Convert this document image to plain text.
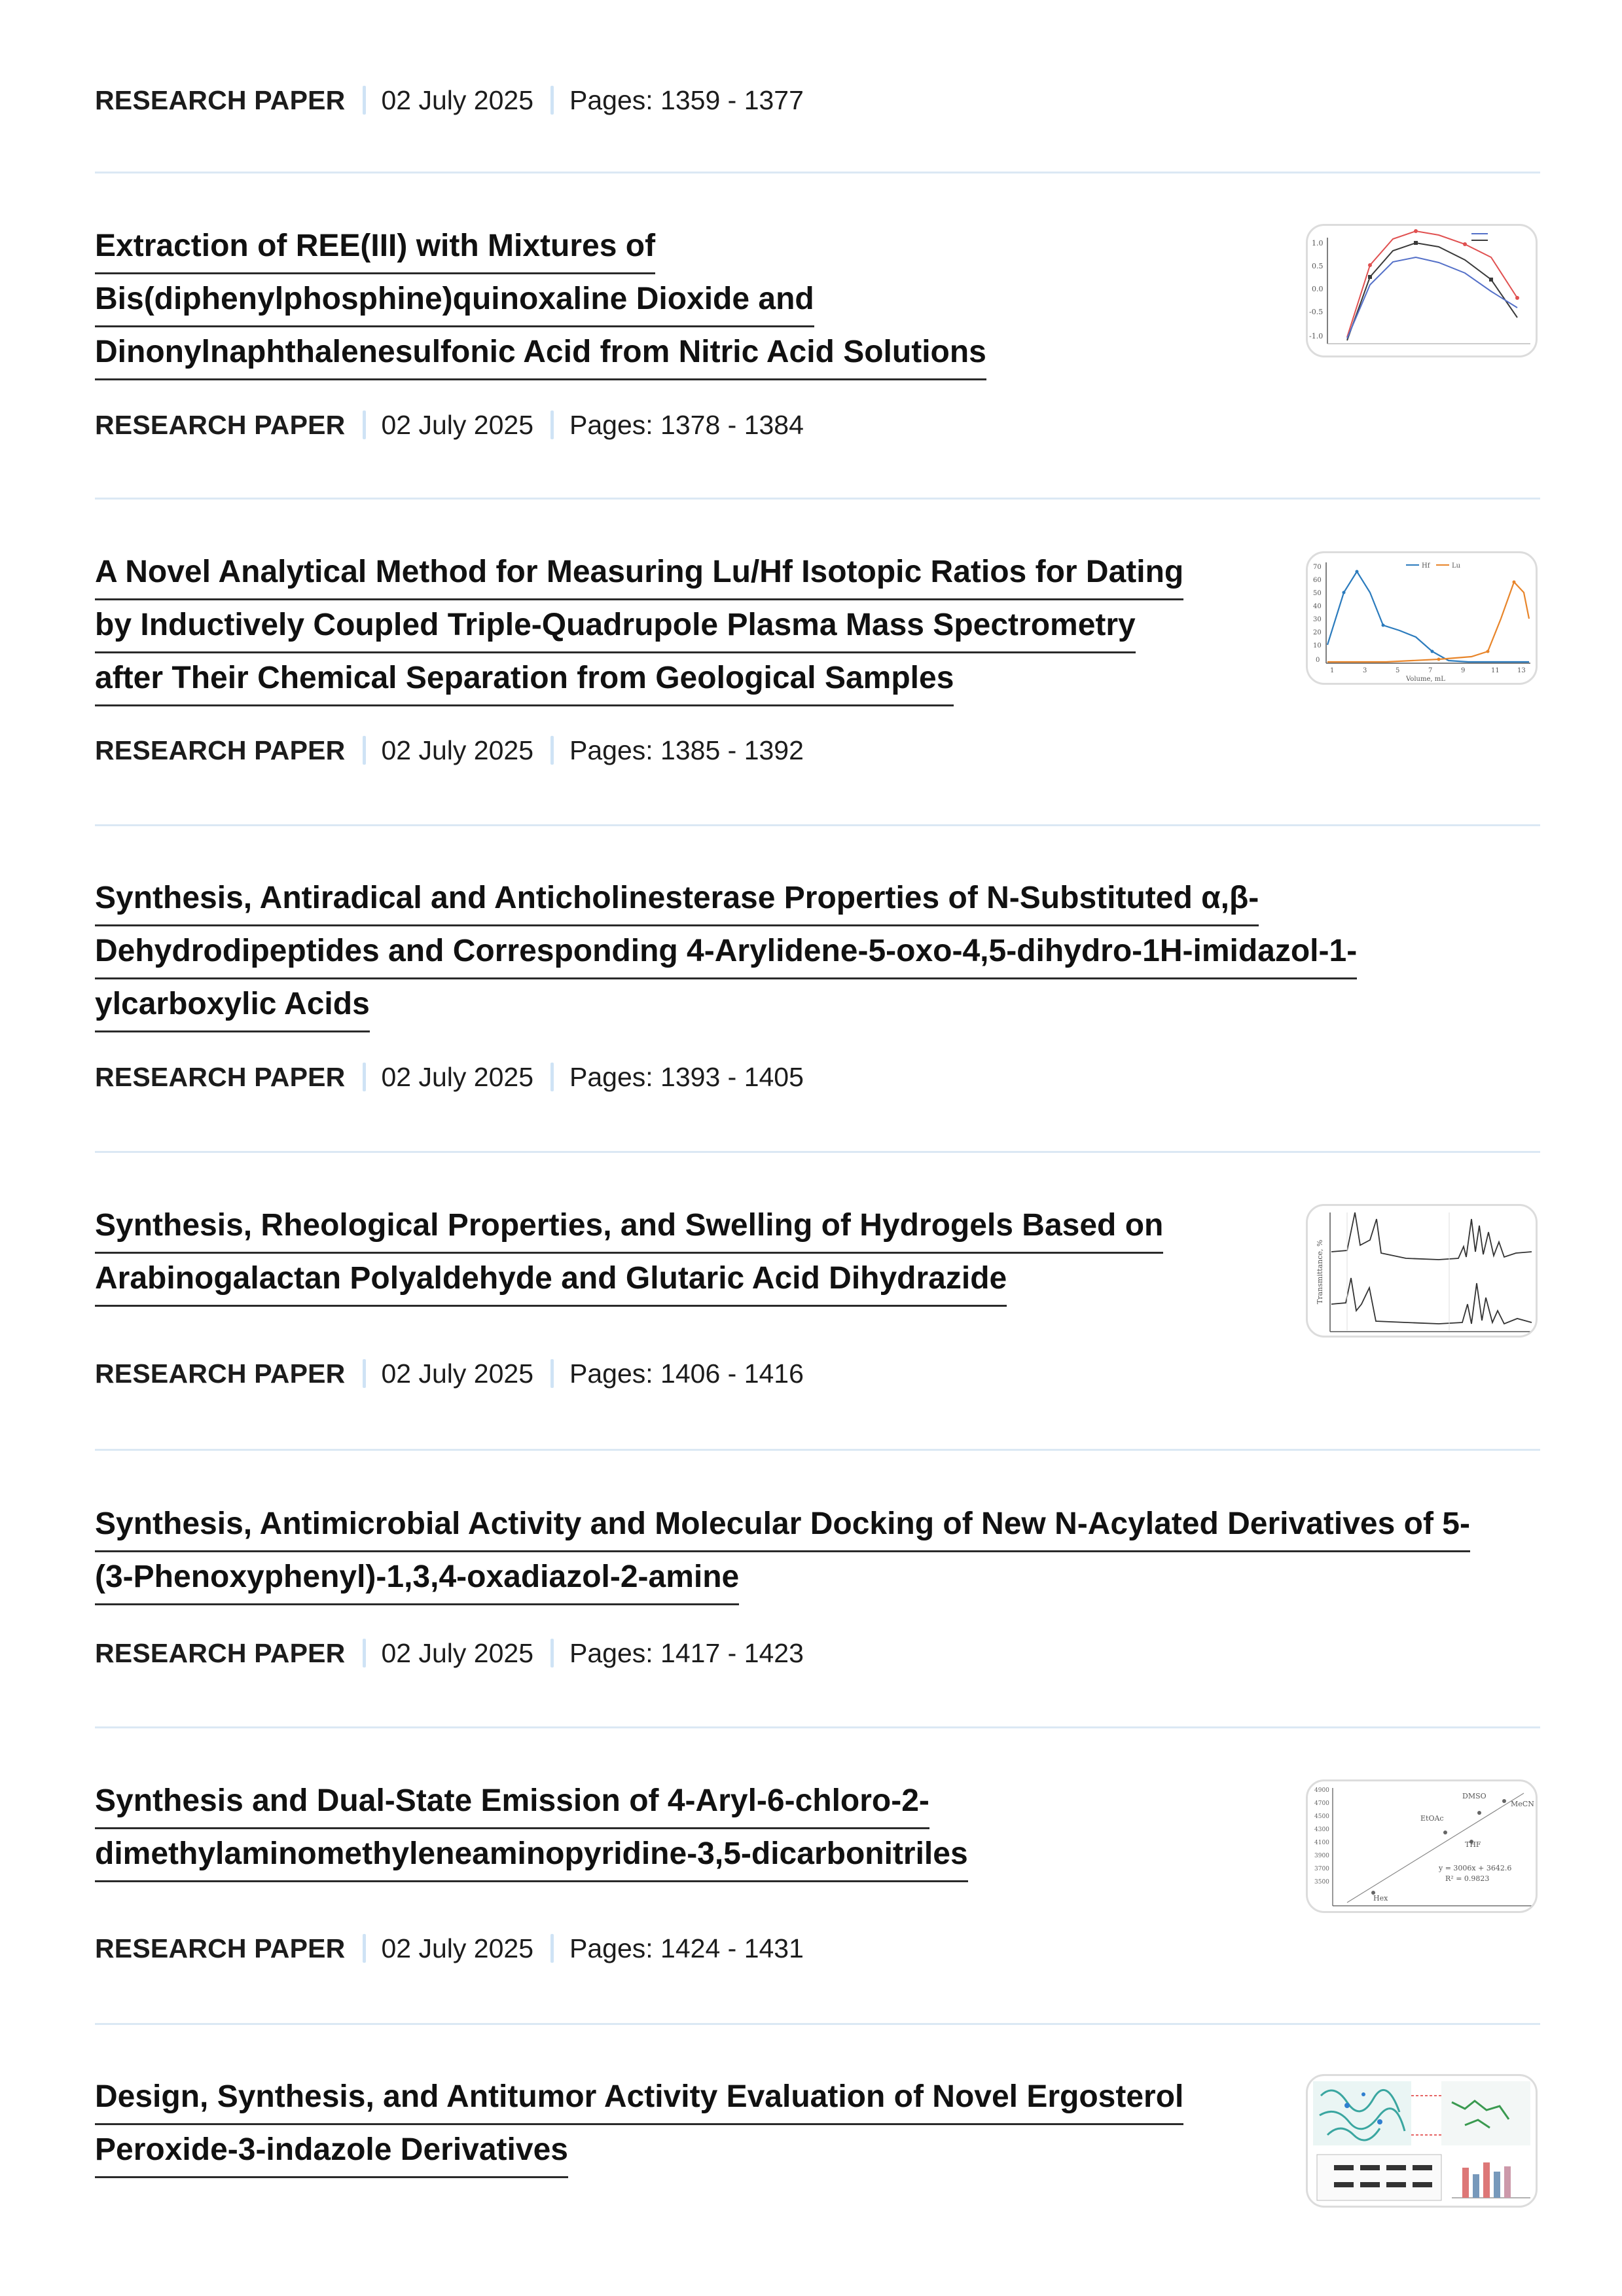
RESEARCH PAPER 02 July 2025 Pages: 1359 - 1377
Extraction of REE(III) with Mixtures of
Bis(diphenylphosphine)quinoxaline Dioxide and
Dinonylnaphthalenesulfonic Acid from Nitric Acid Solutions
1.0
0.5
0.0
-0.5
-1.0
RESEARCH PAPER 02 July 2025 Pages: 1378 - 1384
A Novel Analytical Method for Measuring Lu/Hf Isotopic Ratios for Dating
by Inductively Coupled Triple-Quadrupole Plasma Mass Spectrometry
after Their Chemical Separation from Geological Samples
70
60
50
40
30
20
10
0
1	3	5	7	9	11	13
Volume, mL
Hf	Lu
RESEARCH PAPER 02 July 2025 Pages: 1385 - 1392
Synthesis, Antiradical and Anticholinesterase Properties of N-Substituted α,β-
Dehydrodipeptides and Corresponding 4-Arylidene-5-oxo-4,5-dihydro-1H-imidazol-1-
ylcarboxylic Acids
RESEARCH PAPER 02 July 2025 Pages: 1393 - 1405
Synthesis, Rheological Properties, and Swelling of Hydrogels Based on
Arabinogalactan Polyaldehyde and Glutaric Acid Dihydrazide	Transmittance, %
RESEARCH PAPER 02 July 2025 Pages: 1406 - 1416
Synthesis, Antimicrobial Activity and Molecular Docking of New N-Acylated Derivatives of 5-
(3-Phenoxyphenyl)-1,3,4-oxadiazol-2-amine
RESEARCH PAPER 02 July 2025 Pages: 1417 - 1423
Synthesis and Dual-State Emission of 4-Aryl-6-chloro-2-
dimethylaminomethyleneaminopyridine-3,5-dicarbonitriles
4900
4700
4500
4300
4100
3900
3700
3500
DMSO
EtOAc
THF
MeCN
Hex
y = 3006x + 3642.6
R² = 0.9823
RESEARCH PAPER 02 July 2025 Pages: 1424 - 1431
Design, Synthesis, and Antitumor Activity Evaluation of Novel Ergosterol
Peroxide-3-indazole Derivatives
